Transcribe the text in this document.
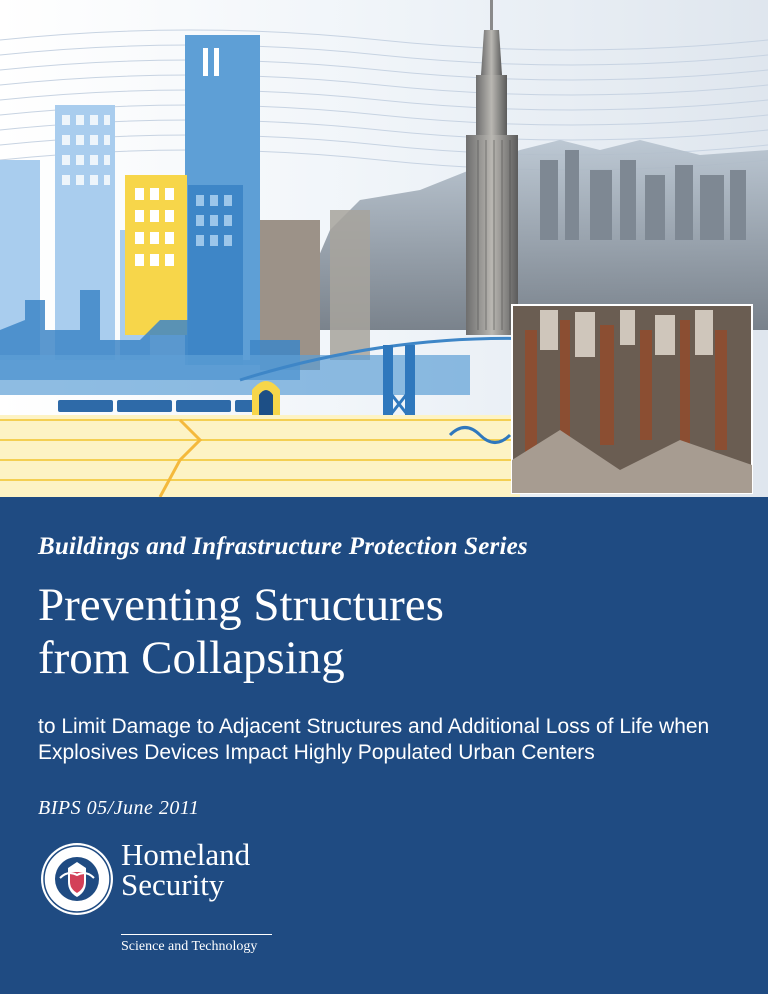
Buildings and Infrastructure Protection Series
Preventing Structures
from Collapsing
to Limit Damage to Adjacent Structures and Additional Loss of Life when Explosives Devices Impact Highly Populated Urban Centers
BIPS 05/June 2011
Homeland
Security
Science and Technology
